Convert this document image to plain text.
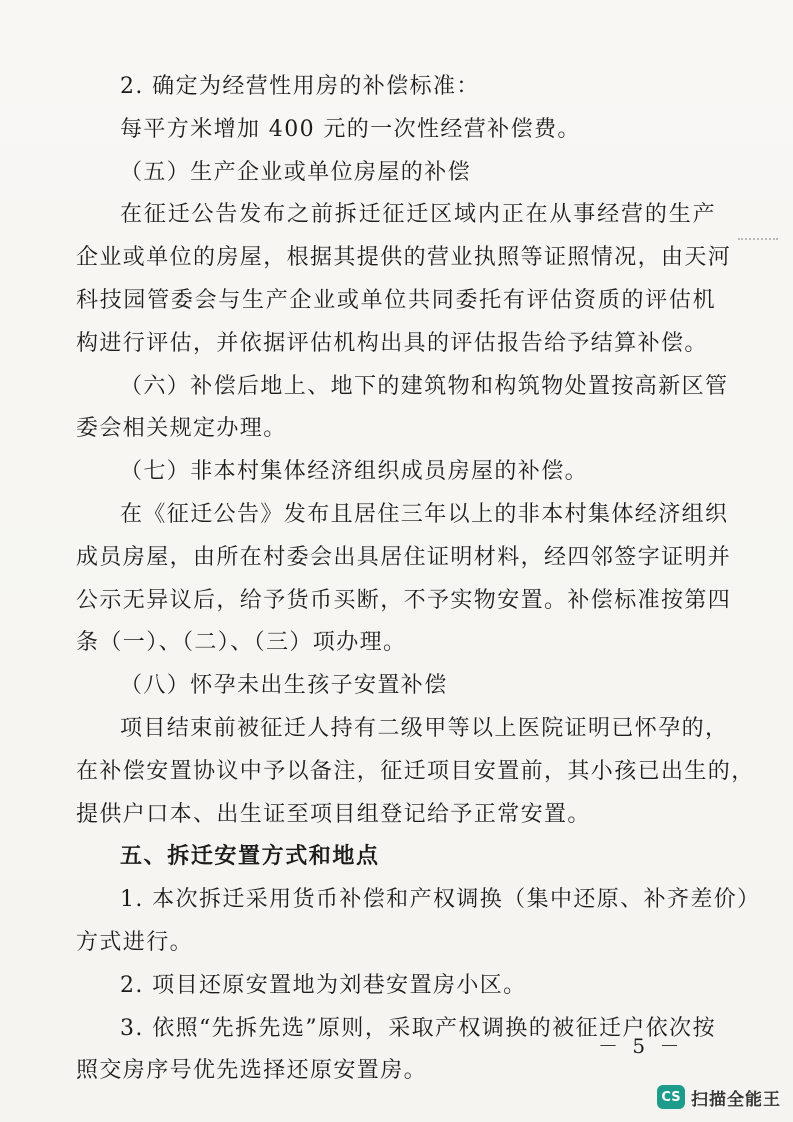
2. 确定为经营性用房的补偿标准：
每平方米增加 400 元的一次性经营补偿费。
（五）生产企业或单位房屋的补偿
在征迁公告发布之前拆迁征迁区域内正在从事经营的生产
企业或单位的房屋，根据其提供的营业执照等证照情况，由天河
科技园管委会与生产企业或单位共同委托有评估资质的评估机
构进行评估，并依据评估机构出具的评估报告给予结算补偿。
（六）补偿后地上、地下的建筑物和构筑物处置按高新区管
委会相关规定办理。
（七）非本村集体经济组织成员房屋的补偿。
在《征迁公告》发布且居住三年以上的非本村集体经济组织
成员房屋，由所在村委会出具居住证明材料，经四邻签字证明并
公示无异议后，给予货币买断，不予实物安置。补偿标准按第四
条（一）、（二）、（三）项办理。
（八）怀孕未出生孩子安置补偿
项目结束前被征迁人持有二级甲等以上医院证明已怀孕的，
在补偿安置协议中予以备注，征迁项目安置前，其小孩已出生的，
提供户口本、出生证至项目组登记给予正常安置。
五、拆迁安置方式和地点
1. 本次拆迁采用货币补偿和产权调换（集中还原、补齐差价）
方式进行。
2. 项目还原安置地为刘巷安置房小区。
3. 依照“先拆先选”原则，采取产权调换的被征迁户依次按
照交房序号优先选择还原安置房。
－ 5 －
CS 扫描全能王
